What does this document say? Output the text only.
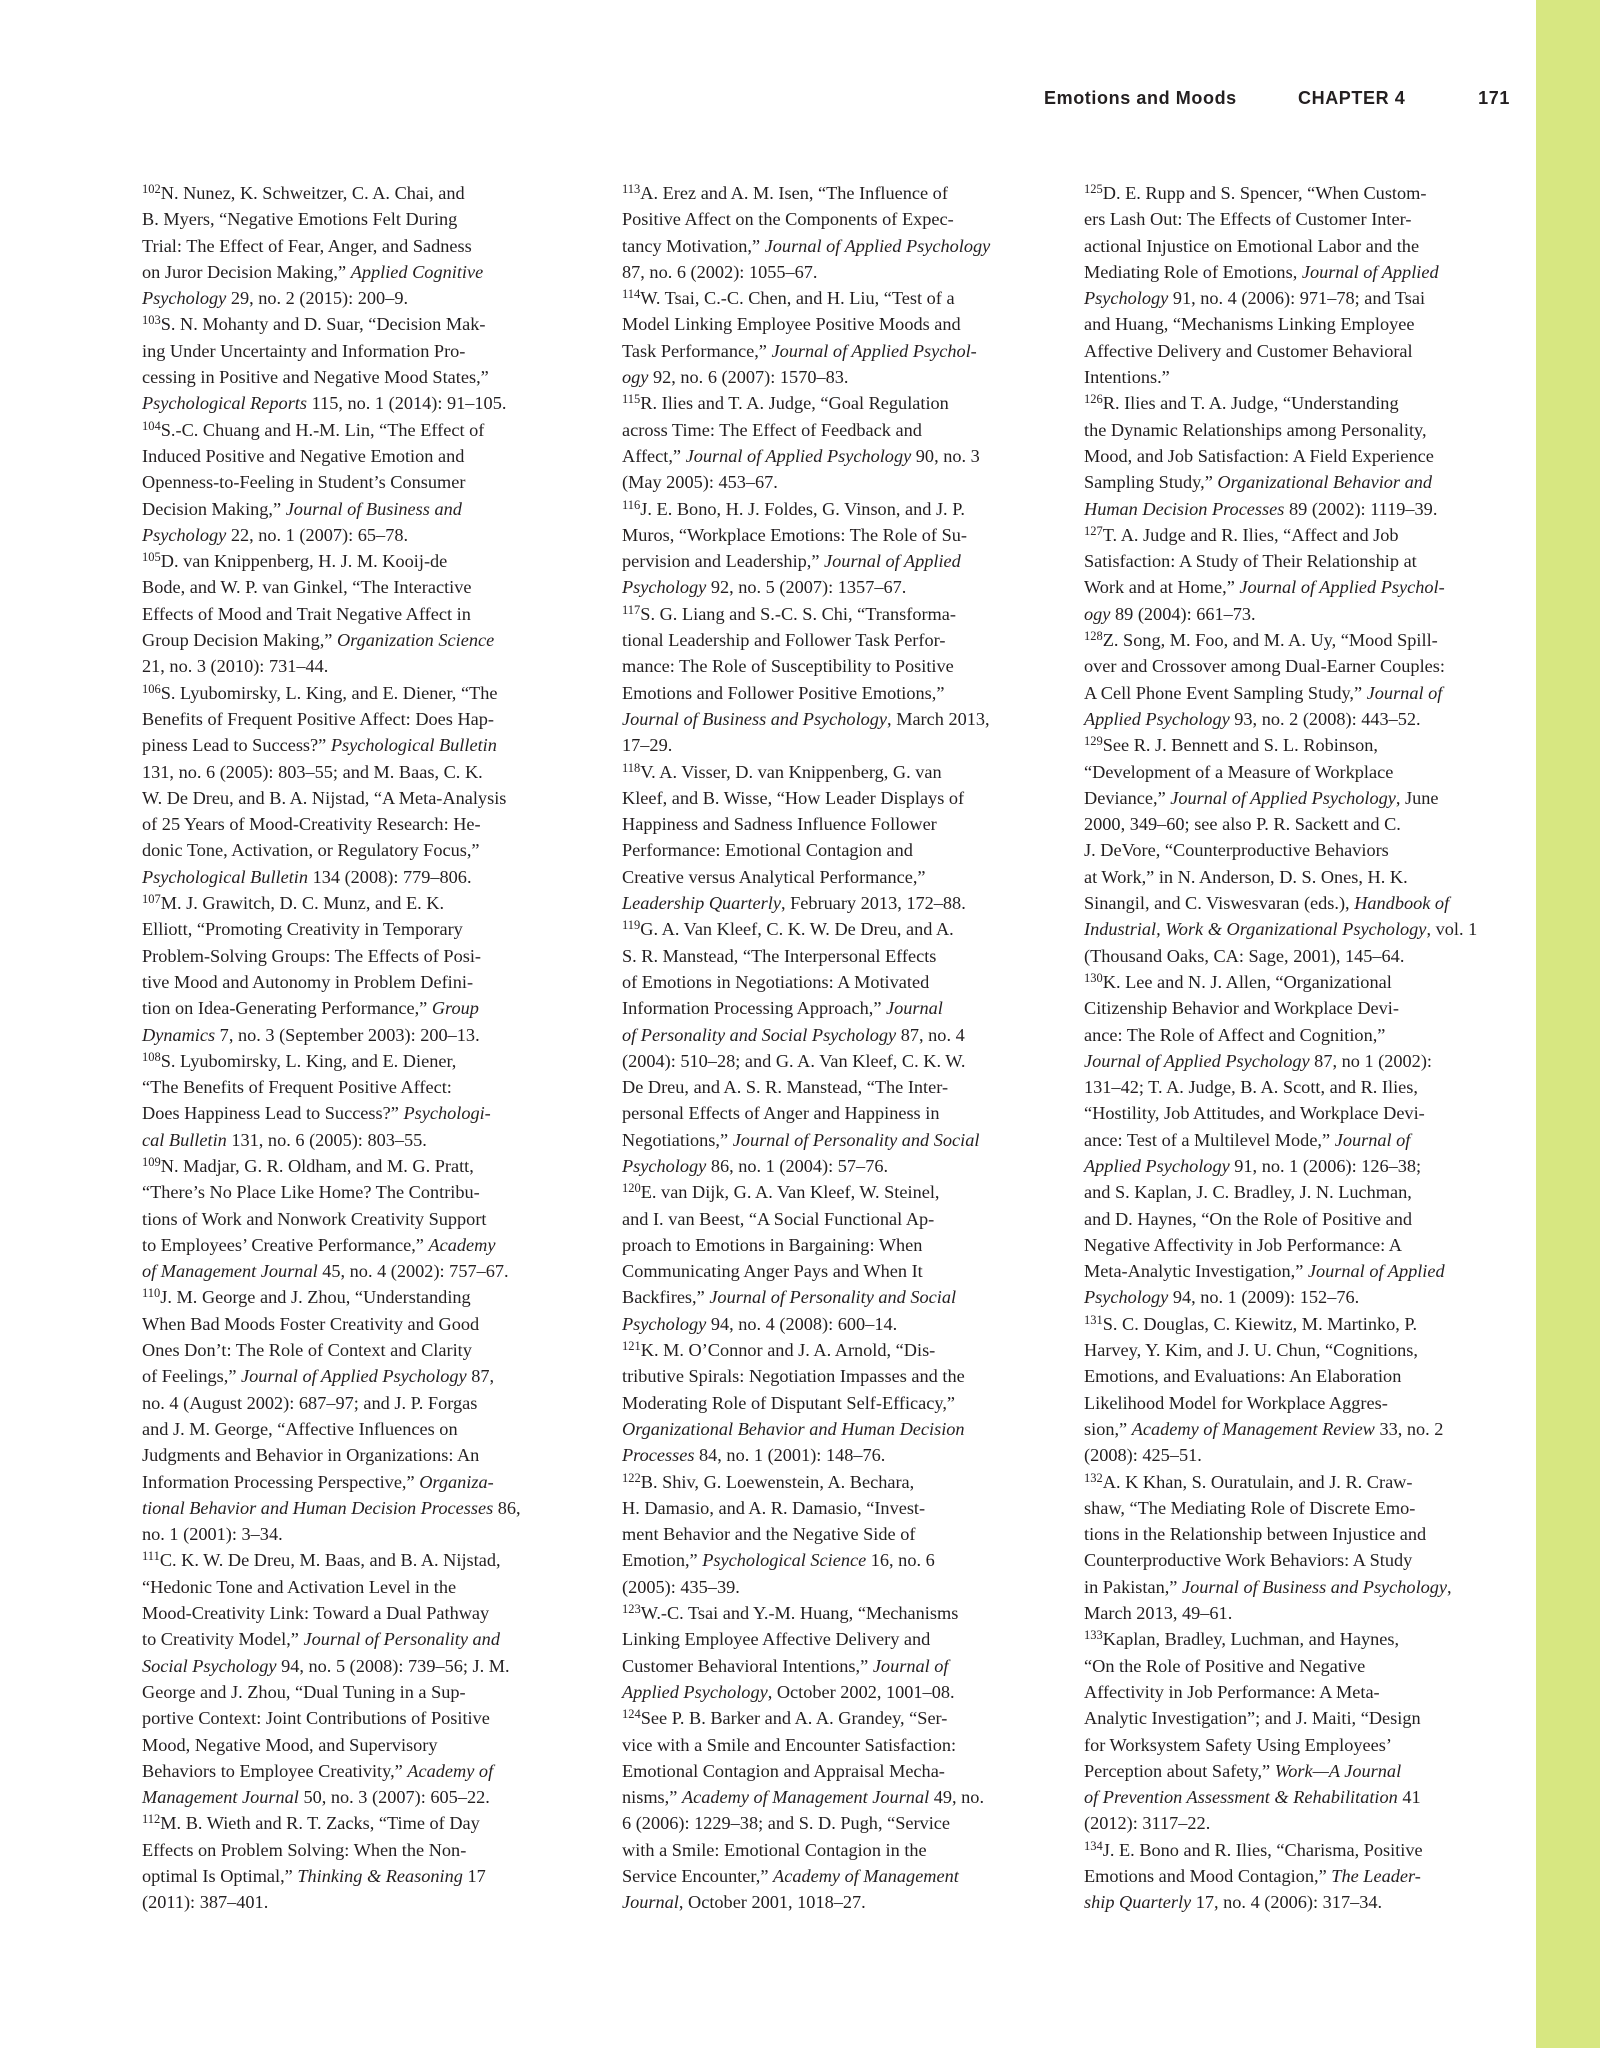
Emotions and Moods	CHAPTER 4	171
$^{102}$N. Nunez, K. Schweitzer, C. A. Chai, and
B. Myers, “Negative Emotions Felt During
Trial: The Effect of Fear, Anger, and Sadness
on Juror Decision Making,” Applied Cognitive
Psychology 29, no. 2 (2015): 200–9.
$^{103}$S. N. Mohanty and D. Suar, “Decision Mak-
ing Under Uncertainty and Information Pro-
cessing in Positive and Negative Mood States,”
Psychological Reports 115, no. 1 (2014): 91–105.
$^{104}$S.-C. Chuang and H.-M. Lin, “The Effect of
Induced Positive and Negative Emotion and
Openness-to-Feeling in Student’s Consumer
Decision Making,” Journal of Business and
Psychology 22, no. 1 (2007): 65–78.
$^{105}$D. van Knippenberg, H. J. M. Kooij-de
Bode, and W. P. van Ginkel, “The Interactive
Effects of Mood and Trait Negative Affect in
Group Decision Making,” Organization Science
21, no. 3 (2010): 731–44.
$^{106}$S. Lyubomirsky, L. King, and E. Diener, “The
Benefits of Frequent Positive Affect: Does Hap-
piness Lead to Success?” Psychological Bulletin
131, no. 6 (2005): 803–55; and M. Baas, C. K.
W. De Dreu, and B. A. Nijstad, “A Meta-Analysis
of 25 Years of Mood-Creativity Research: He-
donic Tone, Activation, or Regulatory Focus,”
Psychological Bulletin 134 (2008): 779–806.
$^{107}$M. J. Grawitch, D. C. Munz, and E. K.
Elliott, “Promoting Creativity in Temporary
Problem-Solving Groups: The Effects of Posi-
tive Mood and Autonomy in Problem Defini-
tion on Idea-Generating Performance,” Group
Dynamics 7, no. 3 (September 2003): 200–13.
$^{108}$S. Lyubomirsky, L. King, and E. Diener,
“The Benefits of Frequent Positive Affect:
Does Happiness Lead to Success?” Psychologi-
cal Bulletin 131, no. 6 (2005): 803–55.
$^{109}$N. Madjar, G. R. Oldham, and M. G. Pratt,
“There’s No Place Like Home? The Contribu-
tions of Work and Nonwork Creativity Support
to Employees’ Creative Performance,” Academy
of Management Journal 45, no. 4 (2002): 757–67.
$^{110}$J. M. George and J. Zhou, “Understanding
When Bad Moods Foster Creativity and Good
Ones Don’t: The Role of Context and Clarity
of Feelings,” Journal of Applied Psychology 87,
no. 4 (August 2002): 687–97; and J. P. Forgas
and J. M. George, “Affective Influences on
Judgments and Behavior in Organizations: An
Information Processing Perspective,” Organiza-
tional Behavior and Human Decision Processes 86,
no. 1 (2001): 3–34.
$^{111}$C. K. W. De Dreu, M. Baas, and B. A. Nijstad,
“Hedonic Tone and Activation Level in the
Mood-Creativity Link: Toward a Dual Pathway
to Creativity Model,” Journal of Personality and
Social Psychology 94, no. 5 (2008): 739–56; J. M.
George and J. Zhou, “Dual Tuning in a Sup-
portive Context: Joint Contributions of Positive
Mood, Negative Mood, and Supervisory
Behaviors to Employee Creativity,” Academy of
Management Journal 50, no. 3 (2007): 605–22.
$^{112}$M. B. Wieth and R. T. Zacks, “Time of Day
Effects on Problem Solving: When the Non-
optimal Is Optimal,” Thinking & Reasoning 17
(2011): 387–401.
$^{113}$A. Erez and A. M. Isen, “The Influence of
Positive Affect on the Components of Expec-
tancy Motivation,” Journal of Applied Psychology
87, no. 6 (2002): 1055–67.
$^{114}$W. Tsai, C.-C. Chen, and H. Liu, “Test of a
Model Linking Employee Positive Moods and
Task Performance,” Journal of Applied Psychol-
ogy 92, no. 6 (2007): 1570–83.
$^{115}$R. Ilies and T. A. Judge, “Goal Regulation
across Time: The Effect of Feedback and
Affect,” Journal of Applied Psychology 90, no. 3
(May 2005): 453–67.
$^{116}$J. E. Bono, H. J. Foldes, G. Vinson, and J. P.
Muros, “Workplace Emotions: The Role of Su-
pervision and Leadership,” Journal of Applied
Psychology 92, no. 5 (2007): 1357–67.
$^{117}$S. G. Liang and S.-C. S. Chi, “Transforma-
tional Leadership and Follower Task Perfor-
mance: The Role of Susceptibility to Positive
Emotions and Follower Positive Emotions,”
Journal of Business and Psychology, March 2013,
17–29.
$^{118}$V. A. Visser, D. van Knippenberg, G. van
Kleef, and B. Wisse, “How Leader Displays of
Happiness and Sadness Influence Follower
Performance: Emotional Contagion and
Creative versus Analytical Performance,”
Leadership Quarterly, February 2013, 172–88.
$^{119}$G. A. Van Kleef, C. K. W. De Dreu, and A.
S. R. Manstead, “The Interpersonal Effects
of Emotions in Negotiations: A Motivated
Information Processing Approach,” Journal
of Personality and Social Psychology 87, no. 4
(2004): 510–28; and G. A. Van Kleef, C. K. W.
De Dreu, and A. S. R. Manstead, “The Inter-
personal Effects of Anger and Happiness in
Negotiations,” Journal of Personality and Social
Psychology 86, no. 1 (2004): 57–76.
$^{120}$E. van Dijk, G. A. Van Kleef, W. Steinel,
and I. van Beest, “A Social Functional Ap-
proach to Emotions in Bargaining: When
Communicating Anger Pays and When It
Backfires,” Journal of Personality and Social
Psychology 94, no. 4 (2008): 600–14.
$^{121}$K. M. O’Connor and J. A. Arnold, “Dis-
tributive Spirals: Negotiation Impasses and the
Moderating Role of Disputant Self-Efficacy,”
Organizational Behavior and Human Decision
Processes 84, no. 1 (2001): 148–76.
$^{122}$B. Shiv, G. Loewenstein, A. Bechara,
H. Damasio, and A. R. Damasio, “Invest-
ment Behavior and the Negative Side of
Emotion,” Psychological Science 16, no. 6
(2005): 435–39.
$^{123}$W.-C. Tsai and Y.-M. Huang, “Mechanisms
Linking Employee Affective Delivery and
Customer Behavioral Intentions,” Journal of
Applied Psychology, October 2002, 1001–08.
$^{124}$See P. B. Barker and A. A. Grandey, “Ser-
vice with a Smile and Encounter Satisfaction:
Emotional Contagion and Appraisal Mecha-
nisms,” Academy of Management Journal 49, no.
6 (2006): 1229–38; and S. D. Pugh, “Service
with a Smile: Emotional Contagion in the
Service Encounter,” Academy of Management
Journal, October 2001, 1018–27.
$^{125}$D. E. Rupp and S. Spencer, “When Custom-
ers Lash Out: The Effects of Customer Inter-
actional Injustice on Emotional Labor and the
Mediating Role of Emotions, Journal of Applied
Psychology 91, no. 4 (2006): 971–78; and Tsai
and Huang, “Mechanisms Linking Employee
Affective Delivery and Customer Behavioral
Intentions.”
$^{126}$R. Ilies and T. A. Judge, “Understanding
the Dynamic Relationships among Personality,
Mood, and Job Satisfaction: A Field Experience
Sampling Study,” Organizational Behavior and
Human Decision Processes 89 (2002): 1119–39.
$^{127}$T. A. Judge and R. Ilies, “Affect and Job
Satisfaction: A Study of Their Relationship at
Work and at Home,” Journal of Applied Psychol-
ogy 89 (2004): 661–73.
$^{128}$Z. Song, M. Foo, and M. A. Uy, “Mood Spill-
over and Crossover among Dual-Earner Couples:
A Cell Phone Event Sampling Study,” Journal of
Applied Psychology 93, no. 2 (2008): 443–52.
$^{129}$See R. J. Bennett and S. L. Robinson,
“Development of a Measure of Workplace
Deviance,” Journal of Applied Psychology, June
2000, 349–60; see also P. R. Sackett and C.
J. DeVore, “Counterproductive Behaviors
at Work,” in N. Anderson, D. S. Ones, H. K.
Sinangil, and C. Viswesvaran (eds.), Handbook of
Industrial, Work & Organizational Psychology, vol. 1
(Thousand Oaks, CA: Sage, 2001), 145–64.
$^{130}$K. Lee and N. J. Allen, “Organizational
Citizenship Behavior and Workplace Devi-
ance: The Role of Affect and Cognition,”
Journal of Applied Psychology 87, no 1 (2002):
131–42; T. A. Judge, B. A. Scott, and R. Ilies,
“Hostility, Job Attitudes, and Workplace Devi-
ance: Test of a Multilevel Mode,” Journal of
Applied Psychology 91, no. 1 (2006): 126–38;
and S. Kaplan, J. C. Bradley, J. N. Luchman,
and D. Haynes, “On the Role of Positive and
Negative Affectivity in Job Performance: A
Meta-Analytic Investigation,” Journal of Applied
Psychology 94, no. 1 (2009): 152–76.
$^{131}$S. C. Douglas, C. Kiewitz, M. Martinko, P.
Harvey, Y. Kim, and J. U. Chun, “Cognitions,
Emotions, and Evaluations: An Elaboration
Likelihood Model for Workplace Aggres-
sion,” Academy of Management Review 33, no. 2
(2008): 425–51.
$^{132}$A. K Khan, S. Ouratulain, and J. R. Craw-
shaw, “The Mediating Role of Discrete Emo-
tions in the Relationship between Injustice and
Counterproductive Work Behaviors: A Study
in Pakistan,” Journal of Business and Psychology,
March 2013, 49–61.
$^{133}$Kaplan, Bradley, Luchman, and Haynes,
“On the Role of Positive and Negative
Affectivity in Job Performance: A Meta-
Analytic Investigation”; and J. Maiti, “Design
for Worksystem Safety Using Employees’
Perception about Safety,” Work—A Journal
of Prevention Assessment & Rehabilitation 41
(2012): 3117–22.
$^{134}$J. E. Bono and R. Ilies, “Charisma, Positive
Emotions and Mood Contagion,” The Leader-
ship Quarterly 17, no. 4 (2006): 317–34.
